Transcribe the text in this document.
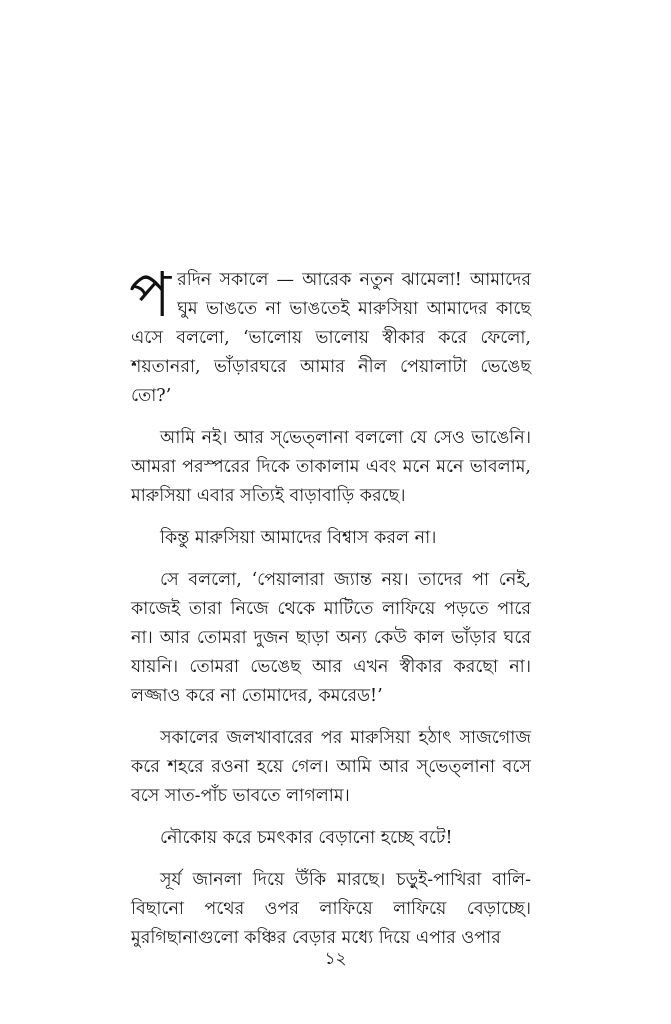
পরদিন সকালে — আরেক নতুন ঝামেলা! আমাদের ঘুম ভাঙতে না ভাঙতেই মারুসিয়া আমাদের কাছে এসে বললো, ‘ভালোয় ভালোয় স্বীকার করে ফেলো, শয়তানরা, ভাঁড়ারঘরে আমার নীল পেয়ালাটা ভেঙেছ তো?’

আমি নই। আর স্‌ভেত্‌লানা বললো যে সেও ভাঙেনি। আমরা পরস্পরের দিকে তাকালাম এবং মনে মনে ভাবলাম, মারুসিয়া এবার সত্যিই বাড়াবাড়ি করছে।

কিন্তু মারুসিয়া আমাদের বিশ্বাস করল না।

সে বললো, ‘পেয়ালারা জ্যান্ত নয়। তাদের পা নেই, কাজেই তারা নিজে থেকে মাটিতে লাফিয়ে পড়তে পারে না। আর তোমরা দুজন ছাড়া অন্য কেউ কাল ভাঁড়ার ঘরে যায়নি। তোমরা ভেঙেছ আর এখন স্বীকার করছো না। লজ্জাও করে না তোমাদের, কমরেড!’

সকালের জলখাবারের পর মারুসিয়া হঠাৎ সাজগোজ করে শহরে রওনা হয়ে গেল। আমি আর স্‌ভেত্‌লানা বসে বসে সাত-পাঁচ ভাবতে লাগলাম।

নৌকোয় করে চমৎকার বেড়ানো হচ্ছে বটে!

সূর্য জানলা দিয়ে উঁকি মারছে। চড়ুই-পাখিরা বালি-বিছানো পথের ওপর লাফিয়ে লাফিয়ে বেড়াচ্ছে। মুরগিছানাগুলো কঞ্চির বেড়ার মধ্যে দিয়ে এপার ওপার

১২
